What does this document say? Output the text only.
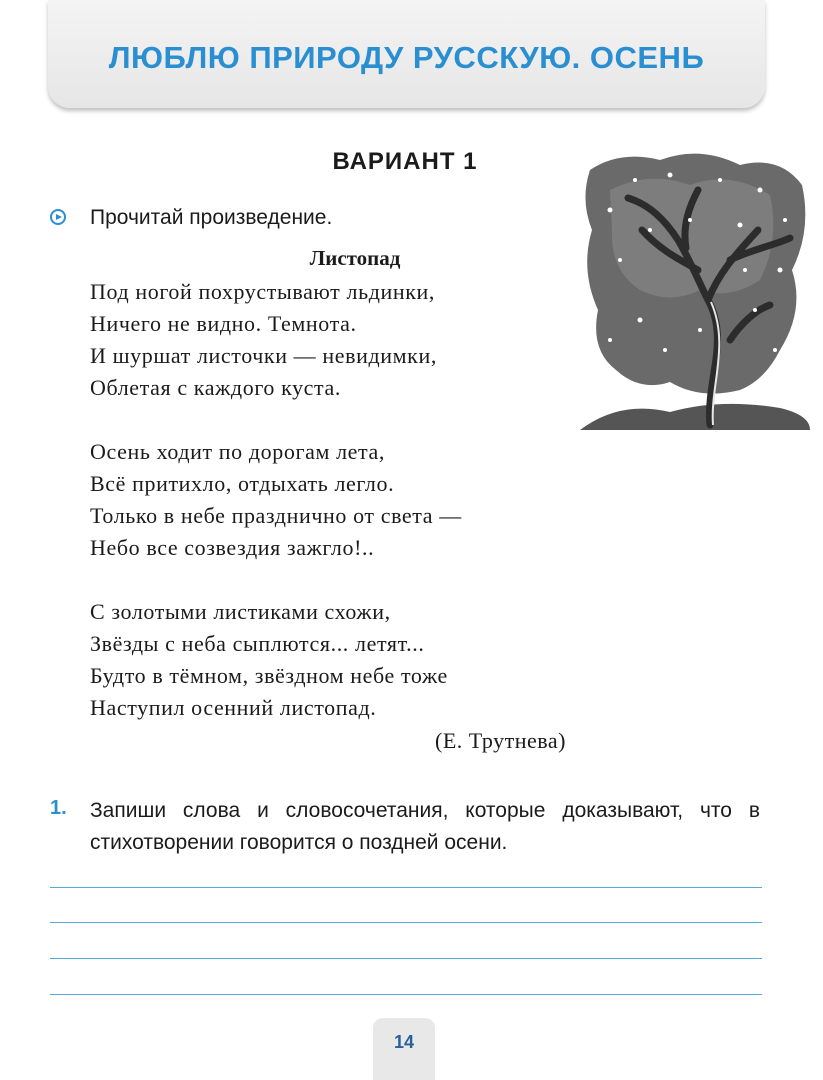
ЛЮБЛЮ ПРИРОДУ РУССКУЮ. ОСЕНЬ
ВАРИАНТ 1
Прочитай произведение.
Листопад
Под ногой похрустывают льдинки,
Ничего не видно. Темнота.
И шуршат листочки — невидимки,
Облетая с каждого куста.
Осень ходит по дорогам лета,
Всё притихло, отдыхать легло.
Только в небе празднично от света —
Небо все созвездия зажгло!..
С золотыми листиками схожи,
Звёзды с неба сыплются... летят...
Будто в тёмном, звёздном небе тоже
Наступил осенний листопад.
(Е. Трутнева)
1. Запиши слова и словосочетания, которые доказывают, что в стихотворении говорится о поздней осени.
14
